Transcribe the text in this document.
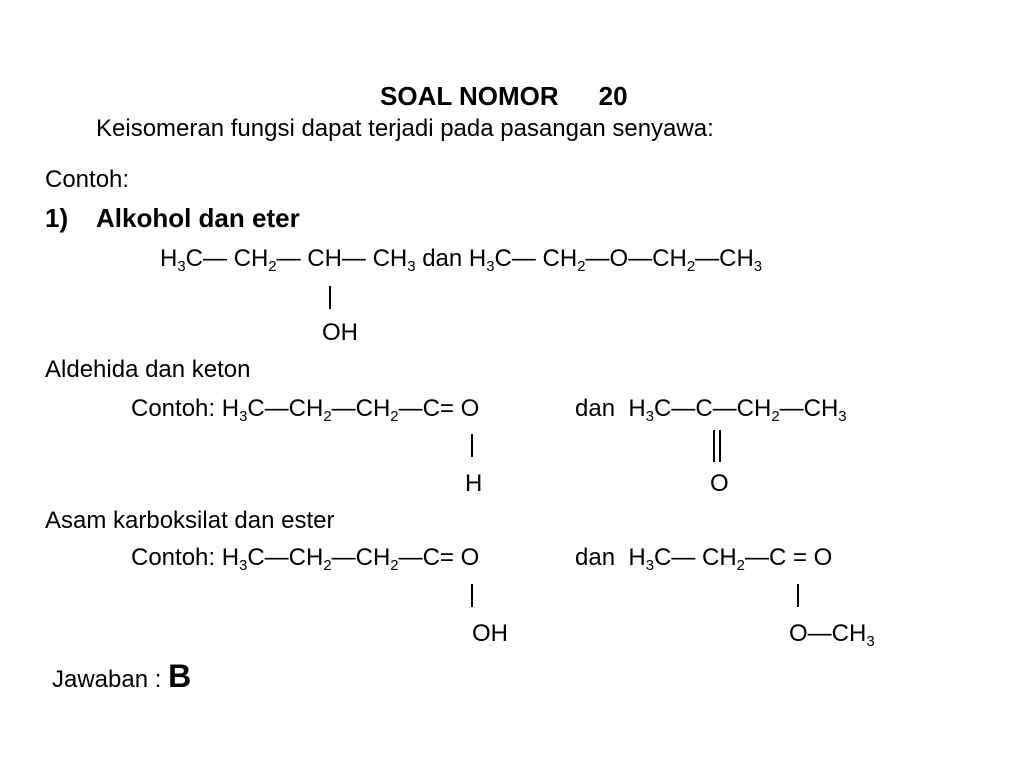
SOAL NOMOR 20
Keisomeran fungsi dapat terjadi pada pasangan senyawa:
Contoh:
1) Alkohol dan eter
$H_3C—$ $CH_2—$ CH— $CH_3$ dan $H_3C—$ $CH_2—O—CH_2—CH_3$
OH
Aldehida dan keton
Contoh: $H_3C—CH_2—CH_2—C= O$	dan  $H_3C—C—CH_2—CH_3$
H	O
Asam karboksilat dan ester
Contoh: $H_3C—CH_2—CH_2—C= O$	dan  $H_3C—$ $CH_2—C = O$
OH	$O—CH_3$
Jawaban : B
